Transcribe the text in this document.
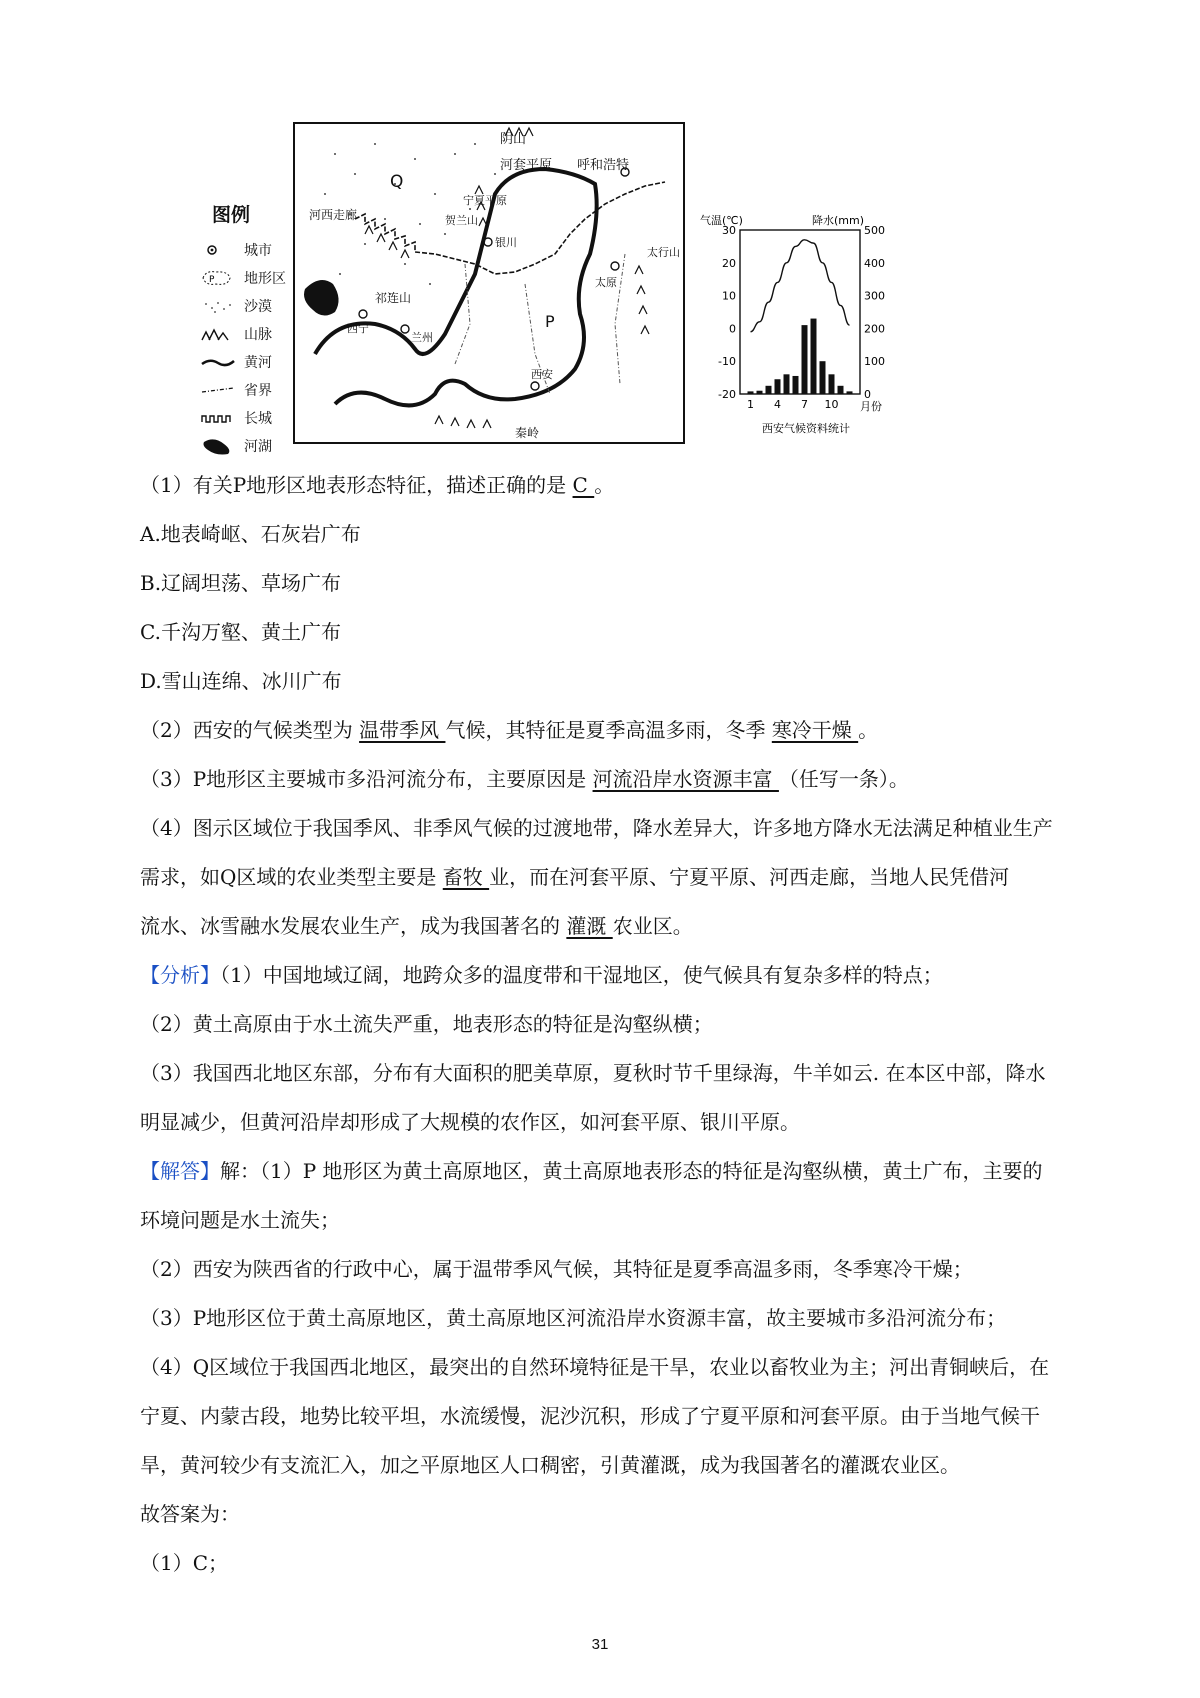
图例
城市
P 地形区
沙漠
山脉
黄河
省界
长城
河湖
阴山
河套平原 呼和浩特
Q
贺兰山
宁夏平原
银川
河西走廊
祁连山
西宁
兰州
P
太原
太行山
西安
秦岭
气温(℃)	降水(mm)
30
20
10
0
-10
-20
500
400
300
200
100
0
1 4 7 10 月份
西安气候资料统计
（1）有关P地形区地表形态特征，描述正确的是 C 。
A.地表崎岖、石灰岩广布
B.辽阔坦荡、草场广布
C.千沟万壑、黄土广布
D.雪山连绵、冰川广布
（2）西安的气候类型为 温带季风 气候，其特征是夏季高温多雨，冬季 寒冷干燥 。
（3）P地形区主要城市多沿河流分布，主要原因是 河流沿岸水资源丰富 （任写一条）。
（4）图示区域位于我国季风、非季风气候的过渡地带，降水差异大，许多地方降水无法满足种植业生产
需求，如Q区域的农业类型主要是 畜牧 业，而在河套平原、宁夏平原、河西走廊，当地人民凭借河
流水、冰雪融水发展农业生产，成为我国著名的 灌溉 农业区。
【分析】（1）中国地域辽阔，地跨众多的温度带和干湿地区，使气候具有复杂多样的特点；
（2）黄土高原由于水土流失严重，地表形态的特征是沟壑纵横；
（3）我国西北地区东部，分布有大面积的肥美草原，夏秋时节千里绿海，牛羊如云. 在本区中部，降水
明显减少，但黄河沿岸却形成了大规模的农作区，如河套平原、银川平原。
【解答】解：（1）P 地形区为黄土高原地区，黄土高原地表形态的特征是沟壑纵横，黄土广布，主要的
环境问题是水土流失；
（2）西安为陕西省的行政中心，属于温带季风气候，其特征是夏季高温多雨，冬季寒冷干燥；
（3）P地形区位于黄土高原地区，黄土高原地区河流沿岸水资源丰富，故主要城市多沿河流分布；
（4）Q区域位于我国西北地区，最突出的自然环境特征是干旱，农业以畜牧业为主；河出青铜峡后，在
宁夏、内蒙古段，地势比较平坦，水流缓慢，泥沙沉积，形成了宁夏平原和河套平原。由于当地气候干
旱，黄河较少有支流汇入，加之平原地区人口稠密，引黄灌溉，成为我国著名的灌溉农业区。
故答案为：
（1）C；
31
